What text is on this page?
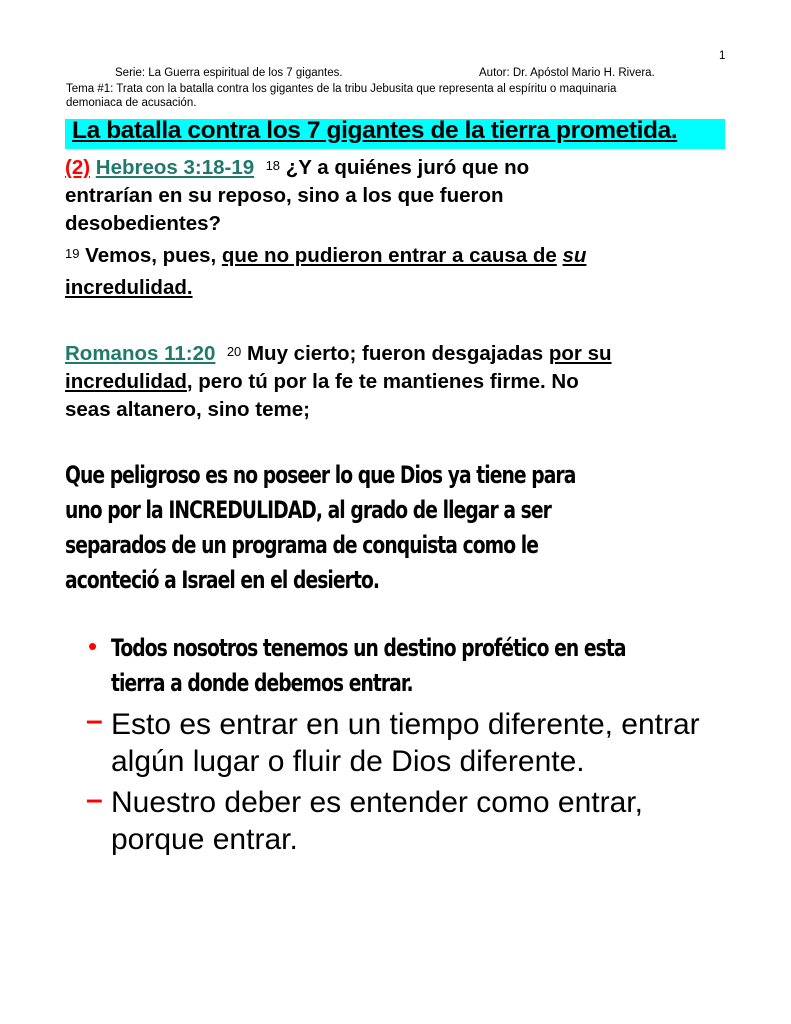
1
Serie: La Guerra espiritual de los 7 gigantes.	Autor: Dr. Apóstol Mario H. Rivera.
Tema #1: Trata con la batalla contra los gigantes de la tribu Jebusita que representa al espíritu o maquinaria
demoniaca de acusación.
La batalla contra los 7 gigantes de la tierra prometida.
(2) Hebreos 3:18-19 $^{18}$ ¿Y a quiénes juró que no
entrarían en su reposo, sino a los que fueron
desobedientes?
$^{19}$ Vemos, pues, que no pudieron entrar a causa de su
incredulidad.
Romanos 11:20 $^{20}$ Muy cierto; fueron desgajadas por su
incredulidad, pero tú por la fe te mantienes firme. No
seas altanero, sino teme;
Que peligroso es no poseer lo que Dios ya tiene para
uno por la INCREDULIDAD, al grado de llegar a ser
separados de un programa de conquista como le
aconteció a Israel en el desierto.
• Todos nosotros tenemos un destino profético en esta
tierra a donde debemos entrar.
– Esto es entrar en un tiempo diferente, entrar
algún lugar o fluir de Dios diferente.
– Nuestro deber es entender como entrar,
porque entrar.
